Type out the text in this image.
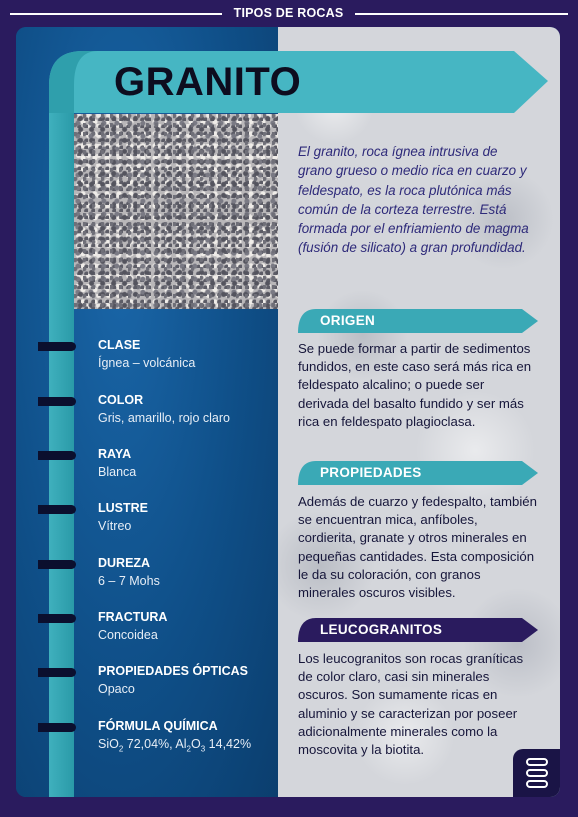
TIPOS DE ROCAS
GRANITO
CLASE
Ígnea – volcánica
COLOR
Gris, amarillo, rojo claro
RAYA
Blanca
LUSTRE
Vítreo
DUREZA
6 – 7 Mohs
FRACTURA
Concoidea
PROPIEDADES ÓPTICAS
Opaco
FÓRMULA QUÍMICA
SiO$_2$ 72,04%, $Al_2O_3$ 14,42%
El granito, roca ígnea intrusiva de grano grueso o medio rica en cuarzo y feldespato, es la roca plutónica más común de la corteza terrestre. Está formada por el enfriamiento de magma (fusión de silicato) a gran profundidad.
ORIGEN
Se puede formar a partir de sedimentos fundidos, en este caso será más rica en feldespato alcalino; o puede ser derivada del basalto fundido y ser más rica en feldespato plagioclasa.
PROPIEDADES
Además de cuarzo y fedespalto, también se encuentran mica, anfíboles, cordierita, granate y otros minerales en pequeñas cantidades. Esta composición le da su coloración, con granos minerales oscuros visibles.
LEUCOGRANITOS
Los leucogranitos son rocas graníticas de color claro, casi sin minerales oscuros. Son sumamente ricas en aluminio y se caracterizan por poseer adicionalmente minerales como la moscovita y la biotita.
